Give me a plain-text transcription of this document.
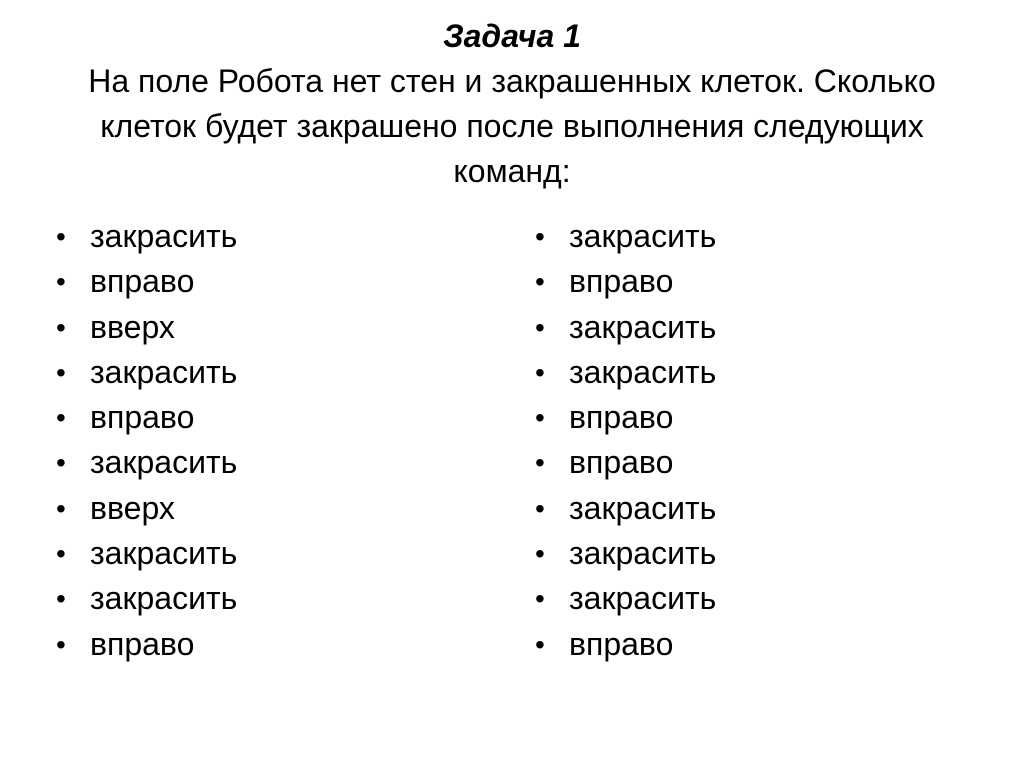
Задача 1
На поле Робота нет стен и закрашенных клеток. Сколько
клеток будет закрашено после выполнения следующих
команд:
• закрасить
• вправо
• вверх
• закрасить
• вправо
• закрасить
• вверх
• закрасить
• закрасить
• вправо
• закрасить
• вправо
• закрасить
• закрасить
• вправо
• вправо
• закрасить
• закрасить
• закрасить
• вправо
